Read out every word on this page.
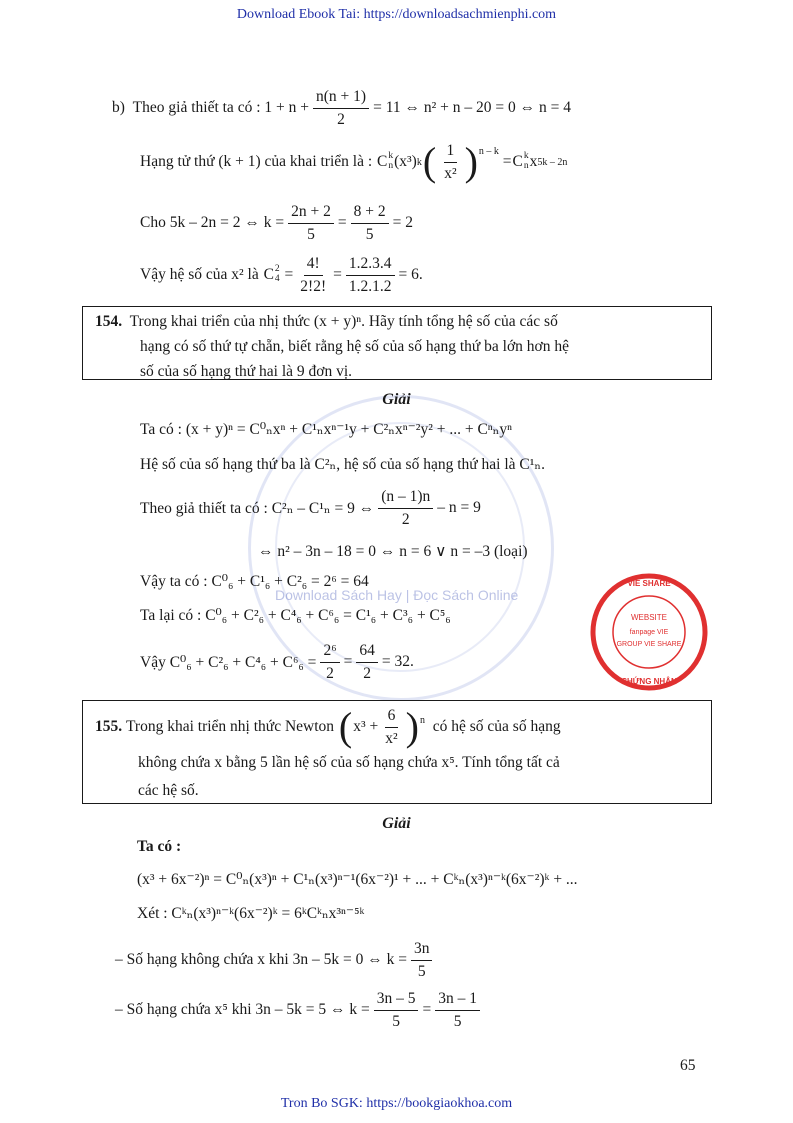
Download Ebook Tai: https://downloadsachmienphi.com
Download Sách Hay | Đọc Sách Online
b)
Theo giả thiết ta có :
$1 + n + \frac{n(n + 1)}{2} = 11$ ⇔ n² + n – 20 = 0 ⇔ n = 4
Hạng tử thứ (k + 1) của khai triển là :
C k
n (x³) k ( $\frac{1}{\text{x²}} )^{n - k}$
= C k
n x 5k – 2n
Cho 5k – 2n = 2 ⇔ $k = \frac{2n + 2}{5} = \frac{8 + 2}{5} = 2$
Vậy hệ số của x² là
C 2
$4 = \frac{4!}{2!2!} = \frac{1.2.3.4}{1.2.1.2} = 6$.
154. Trong khai triển của nhị thức (x + y)ⁿ. Hãy tính tổng hệ số của các số
hạng có số thứ tự chẵn, biết rằng hệ số của số hạng thứ ba lớn hơn hệ
số của số hạng thứ hai là 9 đơn vị.
Giải
Ta có : (x + y)ⁿ = C⁰ₙxⁿ + C¹ₙxⁿ⁻¹y + C²ₙxⁿ⁻²y² + ... + Cⁿₙyⁿ
Hệ số của số hạng thứ ba là C²ₙ, hệ số của số hạng thứ hai là C¹ₙ.
Theo giả thiết ta có : C²ₙ – C¹ₙ = 9 ⇔ $\frac{(n - 1)n}{2} - n = 9$
⇔ n² – 3n – 18 = 0 ⇔ n = 6 ∨ n = –3 (loại)
Vậy ta có : C⁰₆ + C¹₆ + C²₆ = 2⁶ = 64
Ta lại có : C⁰₆ + C²₆ + C⁴₆ + C⁶₆ = C¹₆ + C³₆ + C⁵₆
Vậy $C^0_6 + C^2_6 + C^4_6 + C^6_6 = \frac{\text{2⁶}}{2} = \frac{64}{2} = 32$.
WEBSITE
fanpage VIE
GROUP VIE SHARE
VIE SHARE
CHỨNG NHẬN
155.
Trong khai triển nhị thức Newton
( $x^3 + \frac{6}{\text{x²}} )^n$
có hệ số của số hạng
không chứa x bằng 5 lần hệ số của số hạng chứa x⁵. Tính tổng tất cả
các hệ số.
Giải
Ta có :
(x³ + 6x⁻²)ⁿ = C⁰ₙ(x³)ⁿ + C¹ₙ(x³)ⁿ⁻¹(6x⁻²)¹ + ... + Cᵏₙ(x³)ⁿ⁻ᵏ(6x⁻²)ᵏ + ...
Xét : Cᵏₙ(x³)ⁿ⁻ᵏ(6x⁻²)ᵏ = 6ᵏCᵏₙx³ⁿ⁻⁵ᵏ
– Số hạng không chứa x khi 3n – 5k = 0 ⇔ $k = \frac{3n}{5}$
– Số hạng chứa x⁵ khi 3n – 5k = 5 ⇔ $k = \frac{3n - 5}{5} = \frac{3n - 1}{5}$
65
Tron Bo SGK: https://bookgiaokhoa.com
